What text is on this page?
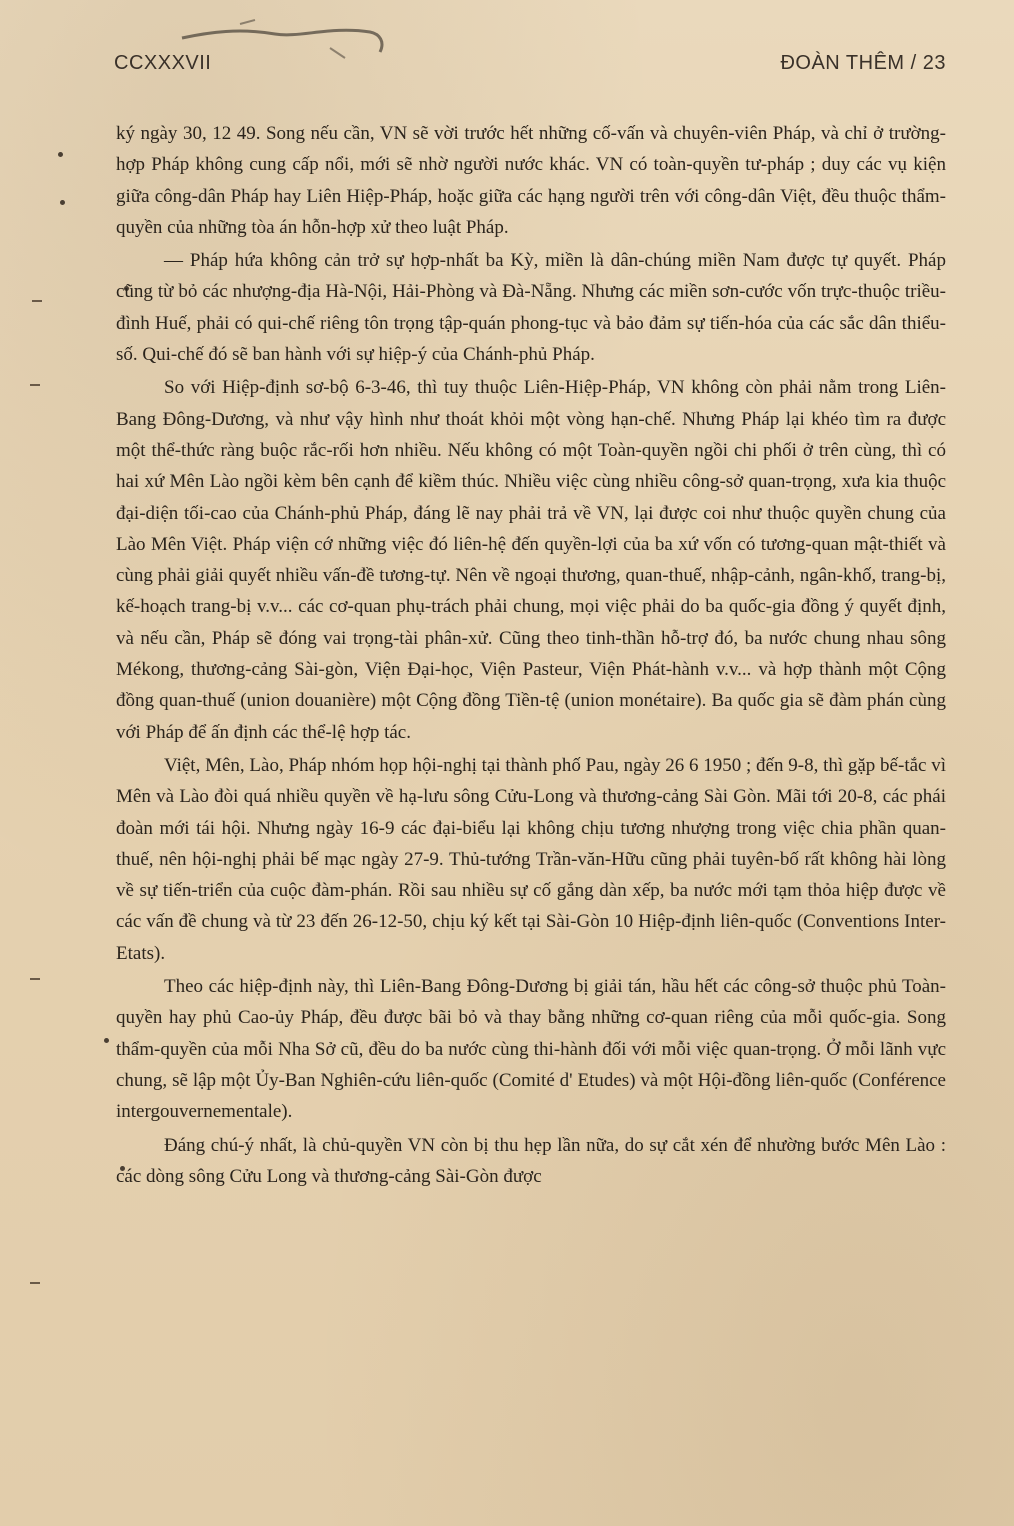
CCXXXVII	ĐOÀN THÊM / 23

ký ngày 30, 12 49. Song nếu cần, VN sẽ vời trước hết những cố-vấn và chuyên-viên Pháp, và chỉ ở trường-hợp Pháp không cung cấp nổi, mới sẽ nhờ người nước khác. VN có toàn-quyền tư-pháp ; duy các vụ kiện giữa công-dân Pháp hay Liên Hiệp-Pháp, hoặc giữa các hạng người trên với công-dân Việt, đều thuộc thẩm-quyền của những tòa án hỗn-hợp xử theo luật Pháp.

— Pháp hứa không cản trở sự hợp-nhất ba Kỳ, miền là dân-chúng miền Nam được tự quyết. Pháp cũng từ bỏ các nhượng-địa Hà-Nội, Hải-Phòng và Đà-Nẵng. Nhưng các miền sơn-cước vốn trực-thuộc triều-đình Huế, phải có qui-chế riêng tôn trọng tập-quán phong-tục và bảo đảm sự tiến-hóa của các sắc dân thiểu-số. Qui-chế đó sẽ ban hành với sự hiệp-ý của Chánh-phủ Pháp.

So với Hiệp-định sơ-bộ 6-3-46, thì tuy thuộc Liên-Hiệp-Pháp, VN không còn phải nằm trong Liên-Bang Đông-Dương, và như vậy hình như thoát khỏi một vòng hạn-chế. Nhưng Pháp lại khéo tìm ra được một thể-thức ràng buộc rắc-rối hơn nhiều. Nếu không có một Toàn-quyền ngồi chi phối ở trên cùng, thì có hai xứ Mên Lào ngồi kèm bên cạnh để kiềm thúc. Nhiều việc cùng nhiều công-sở quan-trọng, xưa kia thuộc đại-diện tối-cao của Chánh-phủ Pháp, đáng lẽ nay phải trả về VN, lại được coi như thuộc quyền chung của Lào Mên Việt. Pháp viện cớ những việc đó liên-hệ đến quyền-lợi của ba xứ vốn có tương-quan mật-thiết và cùng phải giải quyết nhiều vấn-đề tương-tự. Nên về ngoại thương, quan-thuế, nhập-cảnh, ngân-khố, trang-bị, kế-hoạch trang-bị v.v... các cơ-quan phụ-trách phải chung, mọi việc phải do ba quốc-gia đồng ý quyết định, và nếu cần, Pháp sẽ đóng vai trọng-tài phân-xử. Cũng theo tinh-thần hỗ-trợ đó, ba nước chung nhau sông Mékong, thương-cảng Sài-gòn, Viện Đại-học, Viện Pasteur, Viện Phát-hành v.v... và hợp thành một Cộng đồng quan-thuế (union douanière) một Cộng đồng Tiền-tệ (union monétaire). Ba quốc gia sẽ đàm phán cùng với Pháp để ấn định các thể-lệ hợp tác.

Việt, Mên, Lào, Pháp nhóm họp hội-nghị tại thành phố Pau, ngày 26 6 1950 ; đến 9-8, thì gặp bế-tắc vì Mên và Lào đòi quá nhiều quyền về hạ-lưu sông Cửu-Long và thương-cảng Sài Gòn. Mãi tới 20-8, các phái đoàn mới tái hội. Nhưng ngày 16-9 các đại-biểu lại không chịu tương nhượng trong việc chia phần quan-thuế, nên hội-nghị phải bế mạc ngày 27-9. Thủ-tướng Trần-văn-Hữu cũng phải tuyên-bố rất không hài lòng về sự tiến-triển của cuộc đàm-phán. Rồi sau nhiều sự cố gắng dàn xếp, ba nước mới tạm thỏa hiệp được về các vấn đề chung và từ 23 đến 26-12-50, chịu ký kết tại Sài-Gòn 10 Hiệp-định liên-quốc (Conventions Inter-Etats).

Theo các hiệp-định này, thì Liên-Bang Đông-Dương bị giải tán, hầu hết các công-sở thuộc phủ Toàn-quyền hay phủ Cao-ủy Pháp, đều được bãi bỏ và thay bằng những cơ-quan riêng của mỗi quốc-gia. Song thẩm-quyền của mỗi Nha Sở cũ, đều do ba nước cùng thi-hành đối với mỗi việc quan-trọng. Ở mỗi lãnh vực chung, sẽ lập một Ủy-Ban Nghiên-cứu liên-quốc (Comité d' Etudes) và một Hội-đồng liên-quốc (Conférence intergouvernementale).

Đáng chú-ý nhất, là chủ-quyền VN còn bị thu hẹp lần nữa, do sự cắt xén để nhường bước Mên Lào : các dòng sông Cửu Long và thương-cảng Sài-Gòn được
